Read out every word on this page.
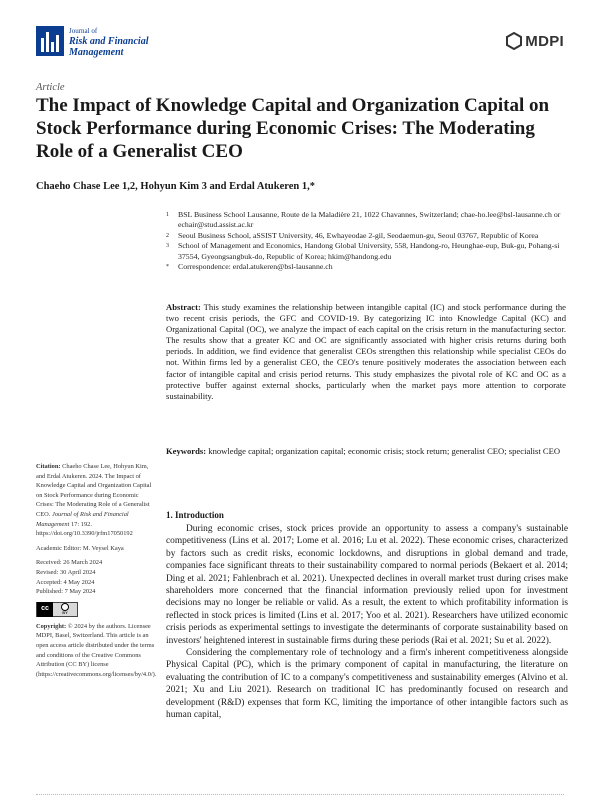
Journal of
Risk and Financial
Management
MDPI
Article
The Impact of Knowledge Capital and Organization Capital on Stock Performance during Economic Crises: The Moderating Role of a Generalist CEO
Chaeho Chase Lee 1,2, Hohyun Kim 3 and Erdal Atukeren 1,*
1 BSL Business School Lausanne, Route de la Maladière 21, 1022 Chavannes, Switzerland; chae-ho.lee@bsl-lausanne.ch or echair@stud.assist.ac.kr
2 Seoul Business School, aSSIST University, 46, Ewhayeodae 2-gil, Seodaemun-gu, Seoul 03767, Republic of Korea
3 School of Management and Economics, Handong Global University, 558, Handong-ro, Heunghae-eup, Buk-gu, Pohang-si 37554, Gyeongsangbuk-do, Republic of Korea; hkim@handong.edu
* Correspondence: erdal.atukeren@bsl-lausanne.ch
Abstract: This study examines the relationship between intangible capital (IC) and stock performance during the two recent crisis periods, the GFC and COVID-19. By categorizing IC into Knowledge Capital (KC) and Organizational Capital (OC), we analyze the impact of each capital on the crisis return in the manufacturing sector. The results show that a greater KC and OC are significantly associated with higher crisis returns during both periods. In addition, we find evidence that generalist CEOs strengthen this relationship while specialist CEOs do not. Within firms led by a generalist CEO, the CEO's tenure positively moderates the association between each factor of intangible capital and crisis period returns. This study emphasizes the pivotal role of KC and OC as a protective buffer against external shocks, particularly when the market pays more attention to corporate sustainability.
Keywords: knowledge capital; organization capital; economic crisis; stock return; generalist CEO; specialist CEO

Citation: Chaeho Chase Lee, Hohyun Kim, and Erdal Atukeren. 2024. The Impact of Knowledge Capital and Organization Capital on Stock Performance during Economic Crises: The Moderating Role of a Generalist CEO. Journal of Risk and Financial Management 17: 192. https://doi.org/10.3390/jrfm17050192

Academic Editor: M. Veysel Kaya

Received: 26 March 2024
Revised: 30 April 2024
Accepted: 4 May 2024
Published: 7 May 2024
cc
BY

Copyright: © 2024 by the authors. Licensee MDPI, Basel, Switzerland. This article is an open access article distributed under the terms and conditions of the Creative Commons Attribution (CC BY) license (https://creativecommons.org/licenses/by/4.0/).

1. Introduction

During economic crises, stock prices provide an opportunity to assess a company's sustainable competitiveness (Lins et al. 2017; Lome et al. 2016; Lu et al. 2022). These economic crises, characterized by factors such as credit risks, economic lockdowns, and disruptions in global demand and trade, companies face significant threats to their sustainability compared to normal periods (Bekaert et al. 2014; Ding et al. 2021; Fahlenbrach et al. 2021). Unexpected declines in overall market trust during crises make shareholders more concerned that the financial information previously relied upon for investment decisions may no longer be reliable or valid. As a result, the extent to which profitability information is reflected in stock prices is limited (Lins et al. 2017; Yoo et al. 2021). Researchers have utilized economic crisis periods as experimental settings to investigate the determinants of corporate sustainability based on investors' heightened interest in sustainable firms during these periods (Rai et al. 2021; Su et al. 2022).

Considering the complementary role of technology and a firm's inherent competitiveness alongside Physical Capital (PC), which is the primary component of capital in manufacturing, the literature on evaluating the contribution of IC to a company's competitiveness and sustainability emerges (Alvino et al. 2021; Xu and Liu 2021). Research on traditional IC has predominantly focused on research and development (R&D) expenses that form KC, limiting the importance of other intangible factors such as human capital,
